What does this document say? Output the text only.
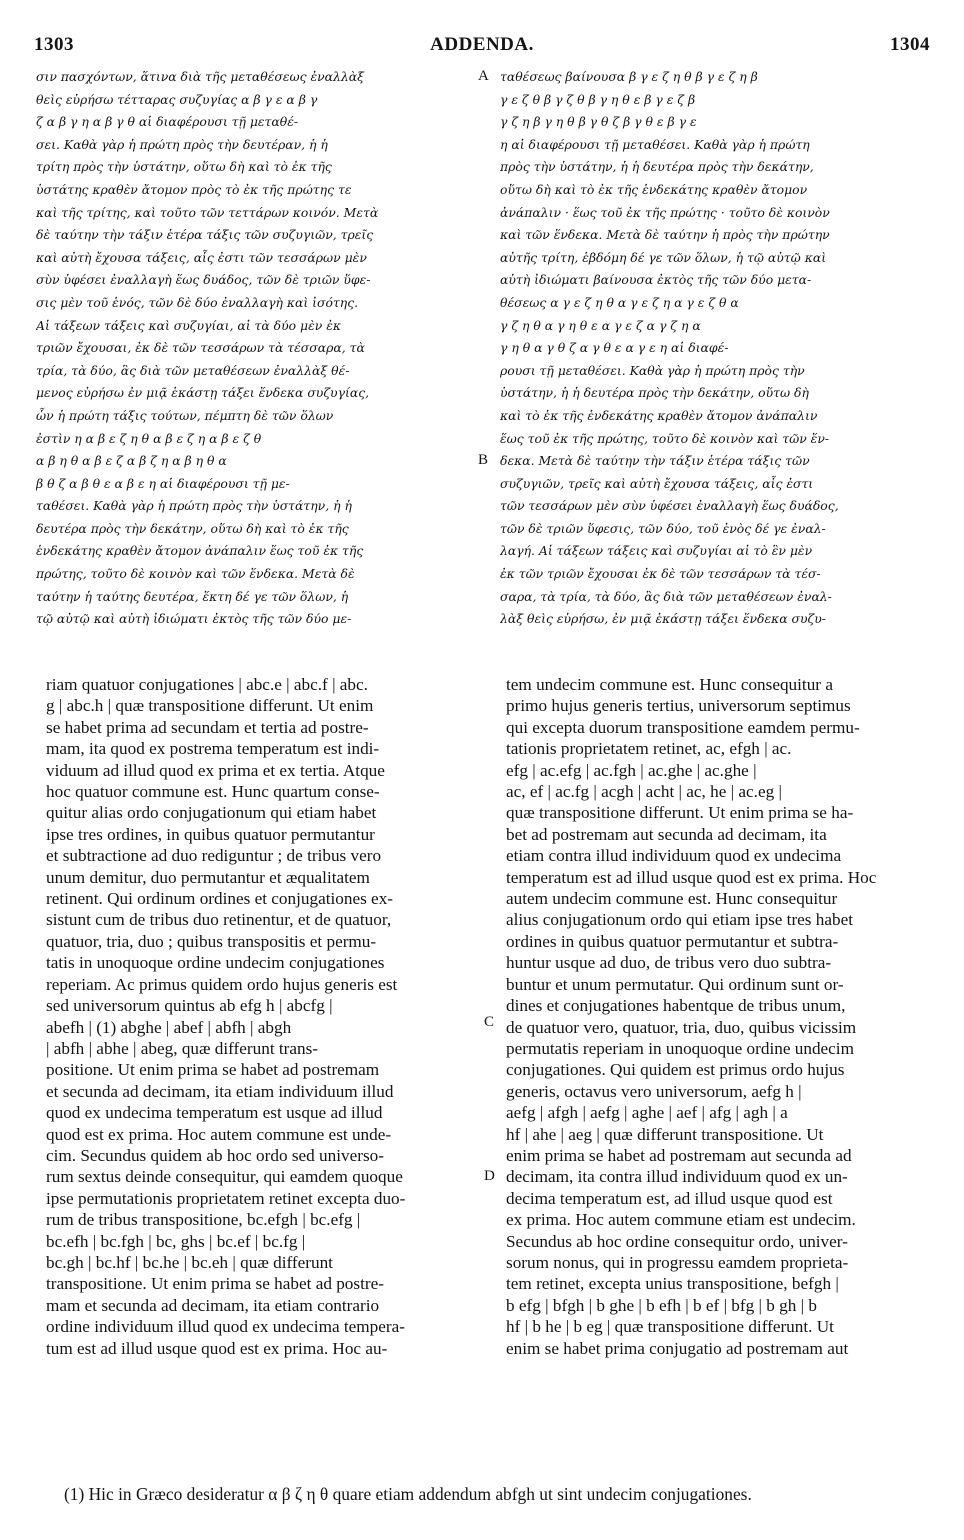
1303	ADDENDA.	1304
σιν πασχόντων, ἅτινα διὰ τῆς μεταθέσεως ἐναλλὰξ
θεὶς εὑρήσω τέτταρας συζυγίας α β γ ε α β γ
ζ α β γ η α β γ θ αἱ διαφέρουσι τῇ μεταθέ-
σει. Καθὰ γὰρ ἡ πρώτη πρὸς τὴν δευτέραν, ἡ ἡ
τρίτη πρὸς τὴν ὑστάτην, οὕτω δὴ καὶ τὸ ἐκ τῆς
ὑστάτης κραθὲν ἄτομον πρὸς τὸ ἐκ τῆς πρώτης τε
καὶ τῆς τρίτης, καὶ τοῦτο τῶν τεττάρων κοινόν. Μετὰ
δὲ ταύτην τὴν τάξιν ἑτέρα τάξις τῶν συζυγιῶν, τρεῖς
καὶ αὐτὴ ἔχουσα τάξεις, αἷς ἐστι τῶν τεσσάρων μὲν
σὺν ὑφέσει ἐναλλαγὴ ἕως δυάδος, τῶν δὲ τριῶν ὕφε-
σις μὲν τοῦ ἑνός, τῶν δὲ δύο ἐναλλαγὴ καὶ ἰσότης.
Αἱ τάξεων τάξεις καὶ συζυγίαι, αἱ τὰ δύο μὲν ἐκ
τριῶν ἔχουσαι, ἐκ δὲ τῶν τεσσάρων τὰ τέσσαρα, τὰ
τρία, τὰ δύο, ἃς διὰ τῶν μεταθέσεων ἐναλλὰξ θέ-
μενος εὑρήσω ἐν μιᾷ ἑκάστῃ τάξει ἕνδεκα συζυγίας,
ὧν ἡ πρώτη τάξις τούτων, πέμπτη δὲ τῶν ὅλων
ἐστὶν η α β ε ζ η θ α β ε ζ η α β ε ζ θ
α β η θ α β ε ζ α β ζ η α β η θ α
β θ ζ α β θ ε α β ε η αἱ διαφέρουσι τῇ με-
ταθέσει. Καθὰ γὰρ ἡ πρώτη πρὸς τὴν ὑστάτην, ἡ ἡ
δευτέρα πρὸς τὴν δεκάτην, οὕτω δὴ καὶ τὸ ἐκ τῆς
ἑνδεκάτης κραθὲν ἄτομον ἀνάπαλιν ἕως τοῦ ἐκ τῆς
πρώτης, τοῦτο δὲ κοινὸν καὶ τῶν ἕνδεκα. Μετὰ δὲ
ταύτην ἡ ταύτης δευτέρα, ἕκτη δέ γε τῶν ὅλων, ἡ
τῷ αὐτῷ καὶ αὐτὴ ἰδιώματι ἐκτὸς τῆς τῶν δύο με-
ταθέσεως βαίνουσα β γ ε ζ η θ β γ ε ζ η β
γ ε ζ θ β γ ζ θ β γ η θ ε β γ ε ζ β
γ ζ η β γ η θ β γ θ ζ β γ θ ε β γ ε
η αἱ διαφέρουσι τῇ μεταθέσει. Καθὰ γὰρ ἡ πρώτη
πρὸς τὴν ὑστάτην, ἡ ἡ δευτέρα πρὸς τὴν δεκάτην,
οὕτω δὴ καὶ τὸ ἐκ τῆς ἑνδεκάτης κραθὲν ἄτομον
ἀνάπαλιν · ἕως τοῦ ἐκ τῆς πρώτης · τοῦτο δὲ κοινὸν
καὶ τῶν ἕνδεκα. Μετὰ δὲ ταύτην ἡ πρὸς τὴν πρώτην
αὐτῆς τρίτη, ἑβδόμη δέ γε τῶν ὅλων, ἡ τῷ αὐτῷ καὶ
αὐτὴ ἰδιώματι βαίνουσα ἐκτὸς τῆς τῶν δύο μετα-
θέσεως α γ ε ζ η θ α γ ε ζ η α γ ε ζ θ α
γ ζ η θ α γ η θ ε α γ ε ζ α γ ζ η α
γ η θ α γ θ ζ α γ θ ε α γ ε η αἱ διαφέ-
ρουσι τῇ μεταθέσει. Καθὰ γὰρ ἡ πρώτη πρὸς τὴν
ὑστάτην, ἡ ἡ δευτέρα πρὸς τὴν δεκάτην, οὕτω δὴ
καὶ τὸ ἐκ τῆς ἑνδεκάτης κραθὲν ἄτομον ἀνάπαλιν
ἕως τοῦ ἐκ τῆς πρώτης, τοῦτο δὲ κοινὸν καὶ τῶν ἕν-
δεκα. Μετὰ δὲ ταύτην τὴν τάξιν ἑτέρα τάξις τῶν
συζυγιῶν, τρεῖς καὶ αὐτὴ ἔχουσα τάξεις, αἷς ἐστι
τῶν τεσσάρων μὲν σὺν ὑφέσει ἐναλλαγὴ ἕως δυάδος,
τῶν δὲ τριῶν ὕφεσις, τῶν δύο, τοῦ ἑνὸς δέ γε ἐναλ-
λαγή. Αἱ τάξεων τάξεις καὶ συζυγίαι αἱ τὸ ἓν μὲν
ἐκ τῶν τριῶν ἔχουσαι ἐκ δὲ τῶν τεσσάρων τὰ τέσ-
σαρα, τὰ τρία, τὰ δύο, ἃς διὰ τῶν μεταθέσεων ἐναλ-
λὰξ θεὶς εὑρήσω, ἐν μιᾷ ἑκάστῃ τάξει ἕνδεκα συζυ-
A
B
riam quatuor conjugationes | abc.e | abc.f | abc.
g | abc.h | quæ transpositione differunt. Ut enim
se habet prima ad secundam et tertia ad postre-
mam, ita quod ex postrema temperatum est indi-
viduum ad illud quod ex prima et ex tertia. Atque
hoc quatuor commune est. Hunc quartum conse-
quitur alias ordo conjugationum qui etiam habet
ipse tres ordines, in quibus quatuor permutantur
et subtractione ad duo rediguntur ; de tribus vero
unum demitur, duo permutantur et æqualitatem
retinent. Qui ordinum ordines et conjugationes ex-
sistunt cum de tribus duo retinentur, et de quatuor,
quatuor, tria, duo ; quibus transpositis et permu-
tatis in unoquoque ordine undecim conjugationes
reperiam. Ac primus quidem ordo hujus generis est
sed universorum quintus ab efg h | abcfg |
abefh | (1) abghe | abef | abfh | abgh
| abfh | abhe | abeg, quæ differunt trans-
positione. Ut enim prima se habet ad postremam
et secunda ad decimam, ita etiam individuum illud
quod ex undecima temperatum est usque ad illud
quod est ex prima. Hoc autem commune est unde-
cim. Secundus quidem ab hoc ordo sed universo-
rum sextus deinde consequitur, qui eamdem quoque
ipse permutationis proprietatem retinet excepta duo-
rum de tribus transpositione, bc.efgh | bc.efg |
bc.efh | bc.fgh | bc, ghs | bc.ef | bc.fg |
bc.gh | bc.hf | bc.he | bc.eh | quæ differunt
transpositione. Ut enim prima se habet ad postre-
mam et secunda ad decimam, ita etiam contrario
ordine individuum illud quod ex undecima tempera-
tum est ad illud usque quod est ex prima. Hoc au-
tem undecim commune est. Hunc consequitur a
primo hujus generis tertius, universorum septimus
qui excepta duorum transpositione eamdem permu-
tationis proprietatem retinet, ac, efgh | ac.
efg | ac.efg | ac.fgh | ac.ghe | ac.ghe |
ac, ef | ac.fg | acgh | acht | ac, he | ac.eg |
quæ transpositione differunt. Ut enim prima se ha-
bet ad postremam aut secunda ad decimam, ita
etiam contra illud individuum quod ex undecima
temperatum est ad illud usque quod est ex prima. Hoc
autem undecim commune est. Hunc consequitur
alius conjugationum ordo qui etiam ipse tres habet
ordines in quibus quatuor permutantur et subtra-
huntur usque ad duo, de tribus vero duo subtra-
buntur et unum permutatur. Qui ordinum sunt or-
dines et conjugationes habentque de tribus unum,
de quatuor vero, quatuor, tria, duo, quibus vicissim
permutatis reperiam in unoquoque ordine undecim
conjugationes. Qui quidem est primus ordo hujus
generis, octavus vero universorum, aefg h |
aefg | afgh | aefg | aghe | aef | afg | agh | a
hf | ahe | aeg | quæ differunt transpositione. Ut
enim prima se habet ad postremam aut secunda ad
decimam, ita contra illud individuum quod ex un-
decima temperatum est, ad illud usque quod est
ex prima. Hoc autem commune etiam est undecim.
Secundus ab hoc ordine consequitur ordo, univer-
sorum nonus, qui in progressu eamdem proprieta-
tem retinet, excepta unius transpositione, befgh |
b efg | bfgh | b ghe | b efh | b ef | bfg | b gh | b
hf | b he | b eg | quæ transpositione differunt. Ut
enim se habet prima conjugatio ad postremam aut
C
D
(1) Hic in Græco desideratur α β ζ η θ quare etiam addendum abfgh ut sint undecim conjugationes.
